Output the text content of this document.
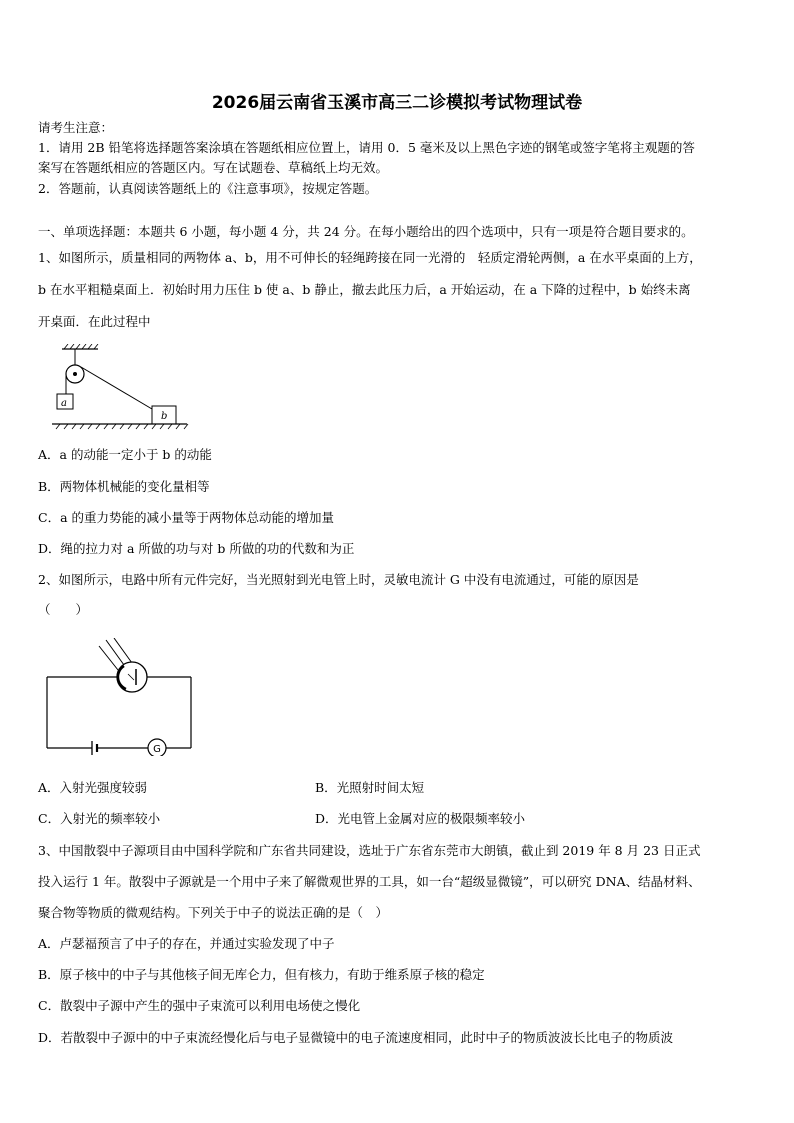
2026届云南省玉溪市高三二诊模拟考试物理试卷
请考生注意：
1．请用 2B 铅笔将选择题答案涂填在答题纸相应位置上，请用 0．5 毫米及以上黑色字迹的钢笔或签字笔将主观题的答
案写在答题纸相应的答题区内。写在试题卷、草稿纸上均无效。
2．答题前，认真阅读答题纸上的《注意事项》，按规定答题。
一、单项选择题：本题共 6 小题，每小题 4 分，共 24 分。在每小题给出的四个选项中，只有一项是符合题目要求的。
1、如图所示，质量相同的两物体 a、b，用不可伸长的轻绳跨接在同一光滑的　轻质定滑轮两侧，a 在水平桌面的上方，
b 在水平粗糙桌面上．初始时用力压住 b 使 a、b 静止，撤去此压力后，a 开始运动，在 a 下降的过程中，b 始终未离
开桌面．在此过程中
a
b
A．a 的动能一定小于 b 的动能
B．两物体机械能的变化量相等
C．a 的重力势能的减小量等于两物体总动能的增加量
D．绳的拉力对 a 所做的功与对 b 所做的功的代数和为正
2、如图所示，电路中所有元件完好，当光照射到光电管上时，灵敏电流计 G 中没有电流通过，可能的原因是
（　　）
G
A．入射光强度较弱	B．光照射时间太短
C．入射光的频率较小	D．光电管上金属对应的极限频率较小
3、中国散裂中子源项目由中国科学院和广东省共同建设，选址于广东省东莞市大朗镇，截止到 2019 年 8 月 23 日正式
投入运行 1 年。散裂中子源就是一个用中子来了解微观世界的工具，如一台“超级显微镜”，可以研究 DNA、结晶材料、
聚合物等物质的微观结构。下列关于中子的说法正确的是（　）
A．卢瑟福预言了中子的存在，并通过实验发现了中子
B．原子核中的中子与其他核子间无库仑力，但有核力，有助于维系原子核的稳定
C．散裂中子源中产生的强中子束流可以利用电场使之慢化
D．若散裂中子源中的中子束流经慢化后与电子显微镜中的电子流速度相同，此时中子的物质波波长比电子的物质波
